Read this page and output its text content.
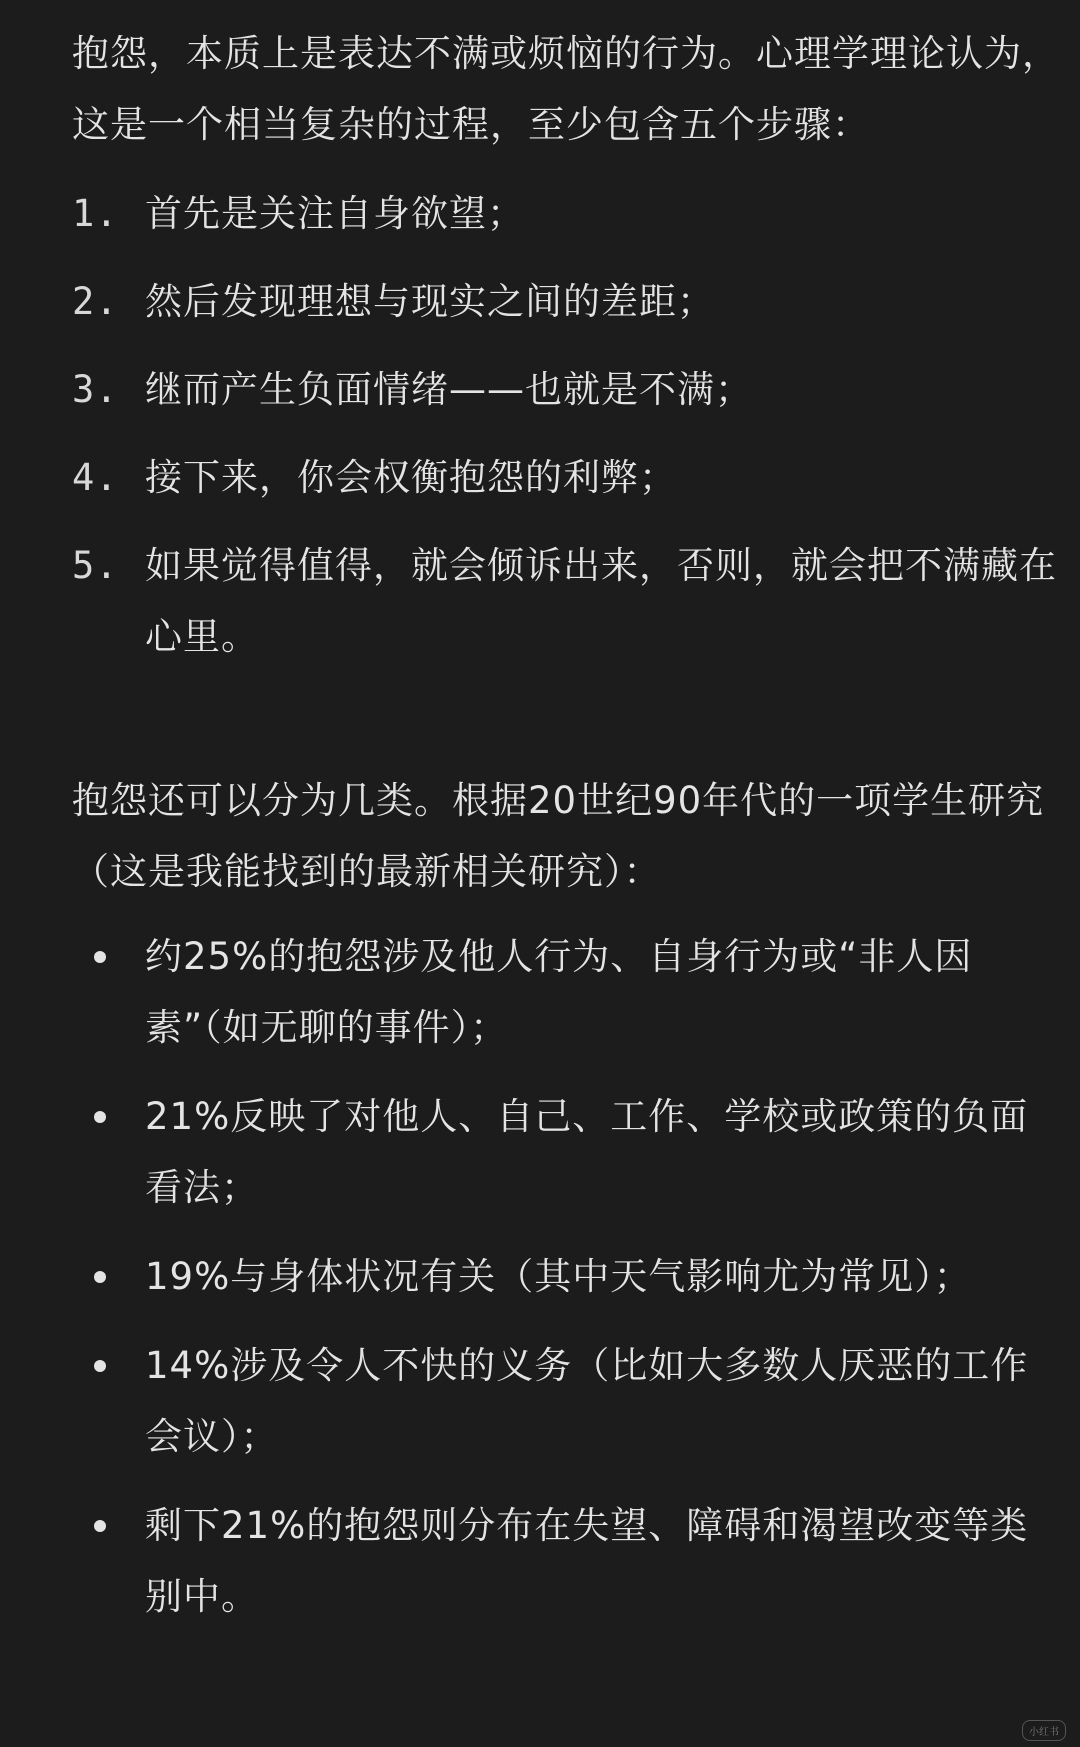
抱怨，本质上是表达不满或烦恼的行为。心理学理论认为，这是一个相当复杂的过程，至少包含五个步骤：

1. 首先是关注自身欲望；
2. 然后发现理想与现实之间的差距；
3. 继而产生负面情绪——也就是不满；
4. 接下来，你会权衡抱怨的利弊；
5. 如果觉得值得，就会倾诉出来，否则，就会把不满藏在心里。

抱怨还可以分为几类。根据20世纪90年代的一项学生研究（这是我能找到的最新相关研究）：

约25%的抱怨涉及他人行为、自身行为或“非人因素”（如无聊的事件）；
21%反映了对他人、自己、工作、学校或政策的负面看法；
19%与身体状况有关（其中天气影响尤为常见）；
14%涉及令人不快的义务（比如大多数人厌恶的工作会议）；
剩下21%的抱怨则分布在失望、障碍和渴望改变等类别中。
小红书
